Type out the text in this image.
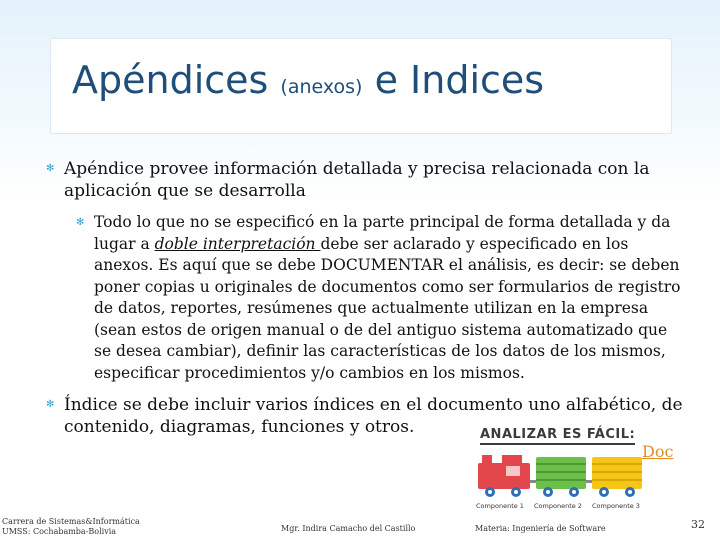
Apéndices (anexos) e Indices

✻ Apéndice provee información detallada y precisa relacionada con la aplicación que se desarrolla

✻ Todo lo que no se especificó en la parte principal de forma detallada y da lugar a doble interpretación debe ser aclarado y especificado en los anexos. Es aquí que se debe DOCUMENTAR el análisis, es decir: se deben poner copias u originales de documentos como ser formularios de registro de datos, reportes, resúmenes que actualmente utilizan en la empresa (sean estos de origen manual o de del antiguo sistema automatizado que se desea cambiar), definir las características de los datos de los mismos, especificar procedimientos y/o cambios en los mismos.

✻ Índice se debe incluir varios índices en el documento uno alfabético, de contenido, diagramas, funciones y otros.	ANALIZAR ES FÁCIL:
Componente 1 Componente 2 Componente 3
Doc
Carrera de Sistemas&Informática
UMSS: Cochabamba-Bolivia	Mgr. Indira Camacho del Castillo	Materia: Ingeniería de Software	32
